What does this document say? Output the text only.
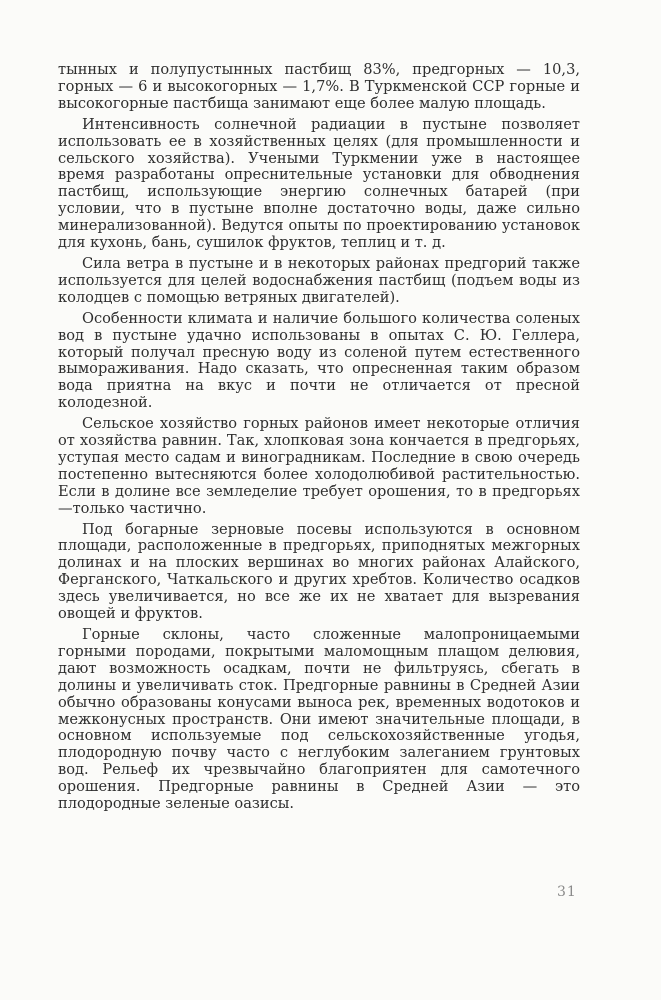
тынных и полупустынных пастбищ 83%, предгорных — 10,3, горных — 6 и высокогорных — 1,7%. В Туркменской ССР горные и высокогорные пастбища занимают еще более малую площадь.

Интенсивность солнечной радиации в пустыне позволяет использовать ее в хозяйственных целях (для промышленности и сельского хозяйства). Учеными Туркмении уже в настоящее время разработаны опреснительные установки для обводнения пастбищ, использующие энергию солнечных батарей (при условии, что в пустыне вполне достаточно воды, даже сильно минерализованной). Ведутся опыты по проектированию установок для кухонь, бань, сушилок фруктов, теплиц и т. д.

Сила ветра в пустыне и в некоторых районах предгорий также используется для целей водоснабжения пастбищ (подъем воды из колодцев с помощью ветряных двигателей).

Особенности климата и наличие большого количества соленых вод в пустыне удачно использованы в опытах С. Ю. Геллера, который получал пресную воду из соленой путем естественного вымораживания. Надо сказать, что опресненная таким образом вода приятна на вкус и почти не отличается от пресной колодезной.

Сельское хозяйство горных районов имеет некоторые отличия от хозяйства равнин. Так, хлопковая зона кончается в предгорьях, уступая место садам и виноградникам. Последние в свою очередь постепенно вытесняются более холодолюбивой растительностью. Если в долине все земледелие требует орошения, то в предгорьях—только частично.

Под богарные зерновые посевы используются в основном площади, расположенные в предгорьях, приподнятых межгорных долинах и на плоских вершинах во многих районах Алайского, Ферганского, Чаткальского и других хребтов. Количество осадков здесь увеличивается, но все же их не хватает для вызревания овощей и фруктов.

Горные склоны, часто сложенные малопроницаемыми горными породами, покрытыми маломощным плащом делювия, дают возможность осадкам, почти не фильтруясь, сбегать в долины и увеличивать сток. Предгорные равнины в Средней Азии обычно образованы конусами выноса рек, временных водотоков и межконусных пространств. Они имеют значительные площади, в основном используемые под сельскохозяйственные угодья, плодородную почву часто с неглубоким залеганием грунтовых вод. Рельеф их чрезвычайно благоприятен для самотечного орошения. Предгорные равнины в Средней Азии — это плодородные зеленые оазисы.

31
